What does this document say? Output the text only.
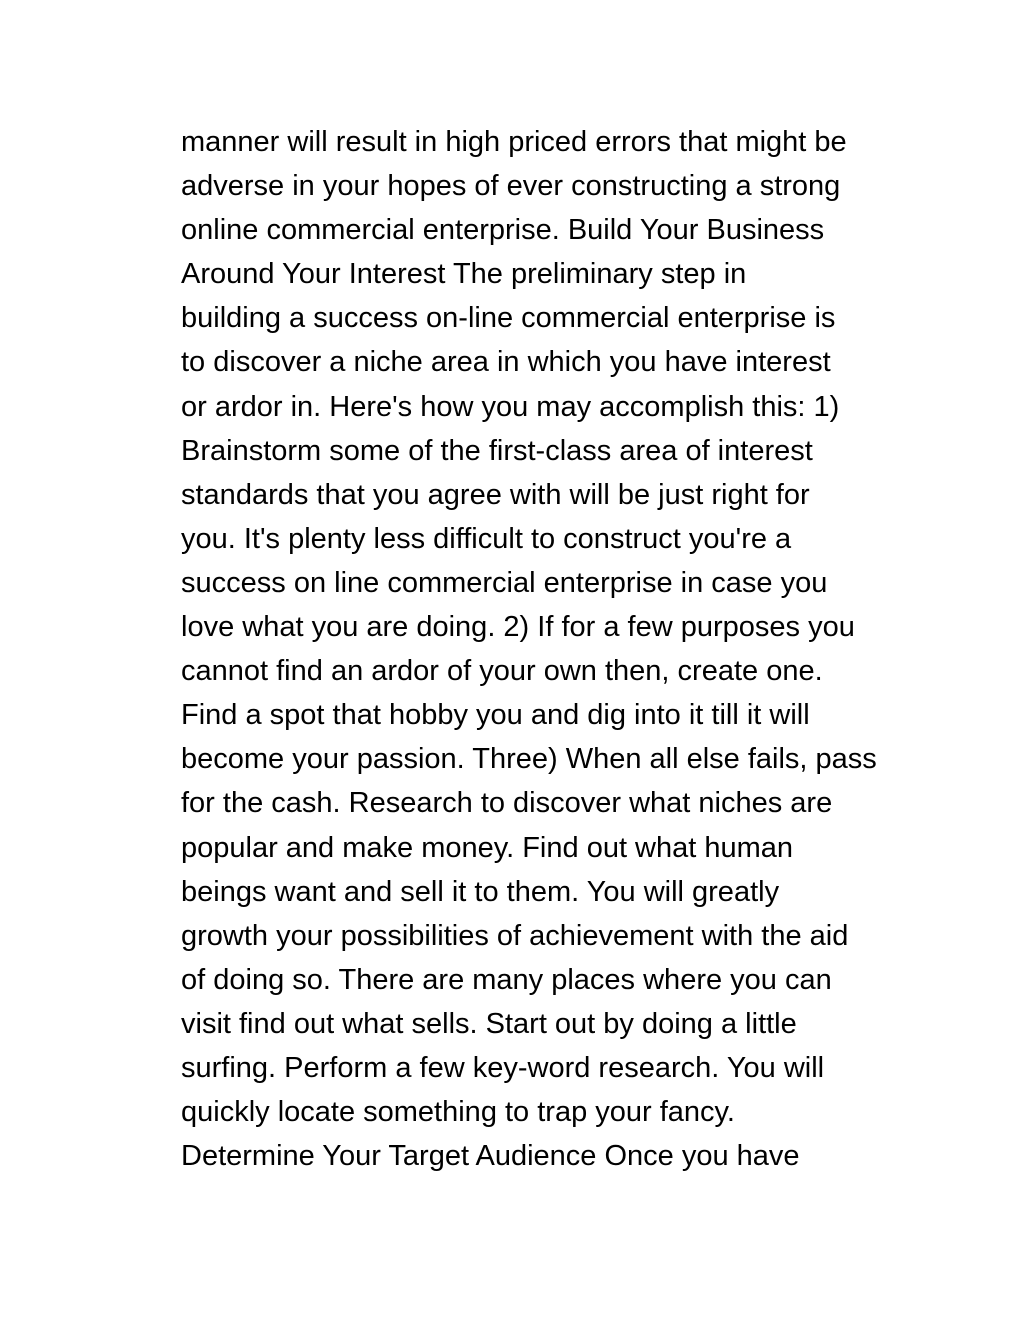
manner will result in high priced errors that might be
adverse in your hopes of ever constructing a strong
online commercial enterprise. Build Your Business
Around Your Interest The preliminary step in
building a success on-line commercial enterprise is
to discover a niche area in which you have interest
or ardor in. Here's how you may accomplish this: 1)
Brainstorm some of the first-class area of interest
standards that you agree with will be just right for
you. It's plenty less difficult to construct you're a
success on line commercial enterprise in case you
love what you are doing. 2) If for a few purposes you
cannot find an ardor of your own then, create one.
Find a spot that hobby you and dig into it till it will
become your passion. Three) When all else fails, pass
for the cash. Research to discover what niches are
popular and make money. Find out what human
beings want and sell it to them. You will greatly
growth your possibilities of achievement with the aid
of doing so. There are many places where you can
visit find out what sells. Start out by doing a little
surfing. Perform a few key-word research. You will
quickly locate something to trap your fancy.
Determine Your Target Audience Once you have
